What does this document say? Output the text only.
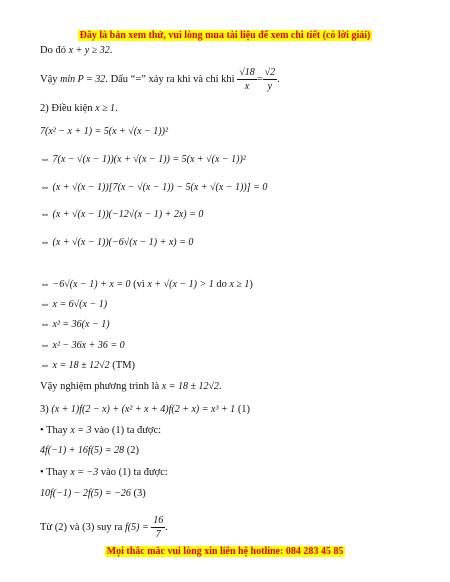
Đây là bản xem thử, vui lòng mua tài liệu để xem chi tiết (có lời giải)
Do đó x + y ≥ 32.
Vậy min P = 32. Dấu “=” xảy ra khi và chỉ khi $\frac{√18}{x} = \frac{√2}{y}$ .
2) Điều kiện x ≥ 1.
7(x² − x + 1) = 5(x + √(x − 1))²
⇔ 7(x − √(x − 1))(x + √(x − 1)) = 5(x + √(x − 1))²
⇔ (x + √(x − 1))[7(x − √(x − 1)) − 5(x + √(x − 1))] = 0
⇔ (x + √(x − 1))(−12√(x − 1) + 2x) = 0
⇔ (x + √(x − 1))(−6√(x − 1) + x) = 0
⇔ −6√(x − 1) + x = 0 (vì x + √(x − 1) > 1 do x ≥ 1)
⇔ x = 6√(x − 1)
⇔ x² = 36(x − 1)
⇔ x² − 36x + 36 = 0
⇔ x = 18 ± 12√2 (TM)
Vậy nghiệm phương trình là x = 18 ± 12√2.
3) (x + 1)f(2 − x) + (x² + x + 4)f(2 + x) = x³ + 1 (1)
• Thay x = 3 vào (1) ta được:
4f(−1) + 16f(5) = 28 (2)
• Thay x = −3 vào (1) ta được:
10f(−1) − 2f(5) = −26 (3)
Từ (2) và (3) suy ra $f(5) = \frac{16}{7}$ .
Mọi thắc mắc vui lòng xin liên hệ hotline: 084 283 45 85
